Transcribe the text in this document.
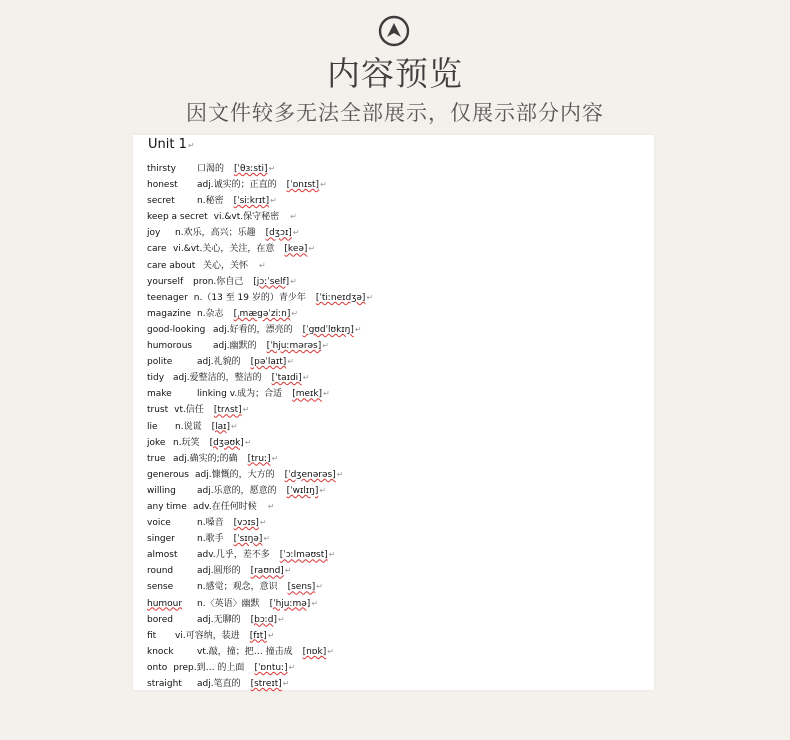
内容预览
因文件较多无法全部展示，仅展示部分内容
Unit 1↵
thirsty 口渴的 [ˈθɜːsti]↵
honest adj.诚实的；正直的 [ˈɒnɪst]↵
secret n.秘密 [ˈsiːkrɪt]↵
keep a secret vi.&vt.保守秘密 ↵
joy n.欢乐，高兴；乐趣 [dʒɔɪ]↵
care vi.&vt.关心，关注，在意 [keə]↵
care about 关心，关怀 ↵
yourself pron.你自己 [jɔːˈself]↵
teenager n.（13 至 19 岁的）青少年 [ˈtiːneɪdʒə]↵
magazine n.杂志 [ˌmægəˈziːn]↵
good-looking adj.好看的，漂亮的 [ˈgʊdˈlʊkɪŋ]↵
humorous adj.幽默的 [ˈhjuːmərəs]↵
polite	adj.礼貌的 [pəˈlaɪt]↵
tidy adj.爱整洁的，整洁的 [ˈtaɪdi]↵
make	linking v.成为；合适 [meɪk]↵
trust vt.信任 [trʌst]↵
lie n.说谎 [laɪ]↵
joke n.玩笑 [dʒəʊk]↵
true adj.确实的;的确 [truː]↵
generous adj.慷慨的，大方的 [ˈdʒenərəs]↵
willing adj.乐意的，愿意的 [ˈwɪlɪŋ]↵
any time adv.在任何时候 ↵
voice	n.嗓音 [vɔɪs]↵
singer n.歌手 [ˈsɪŋə]↵
almost adv.几乎，差不多 [ˈɔːlməʊst]↵
round	adj.圆形的 [raʊnd]↵
sense	n.感觉；观念，意识 [sens]↵
humour n.〈英语〉幽默 [ˈhjuːmə]↵
bored	adj.无聊的 [bɔːd]↵
fit vi.可容纳，装进 [fɪt]↵
knock	vt.敲，撞；把… 撞击成 [nɒk]↵
onto prep.到… 的上面 [ˈɒntuː]↵
straight adj.笔直的 [streɪt]↵
